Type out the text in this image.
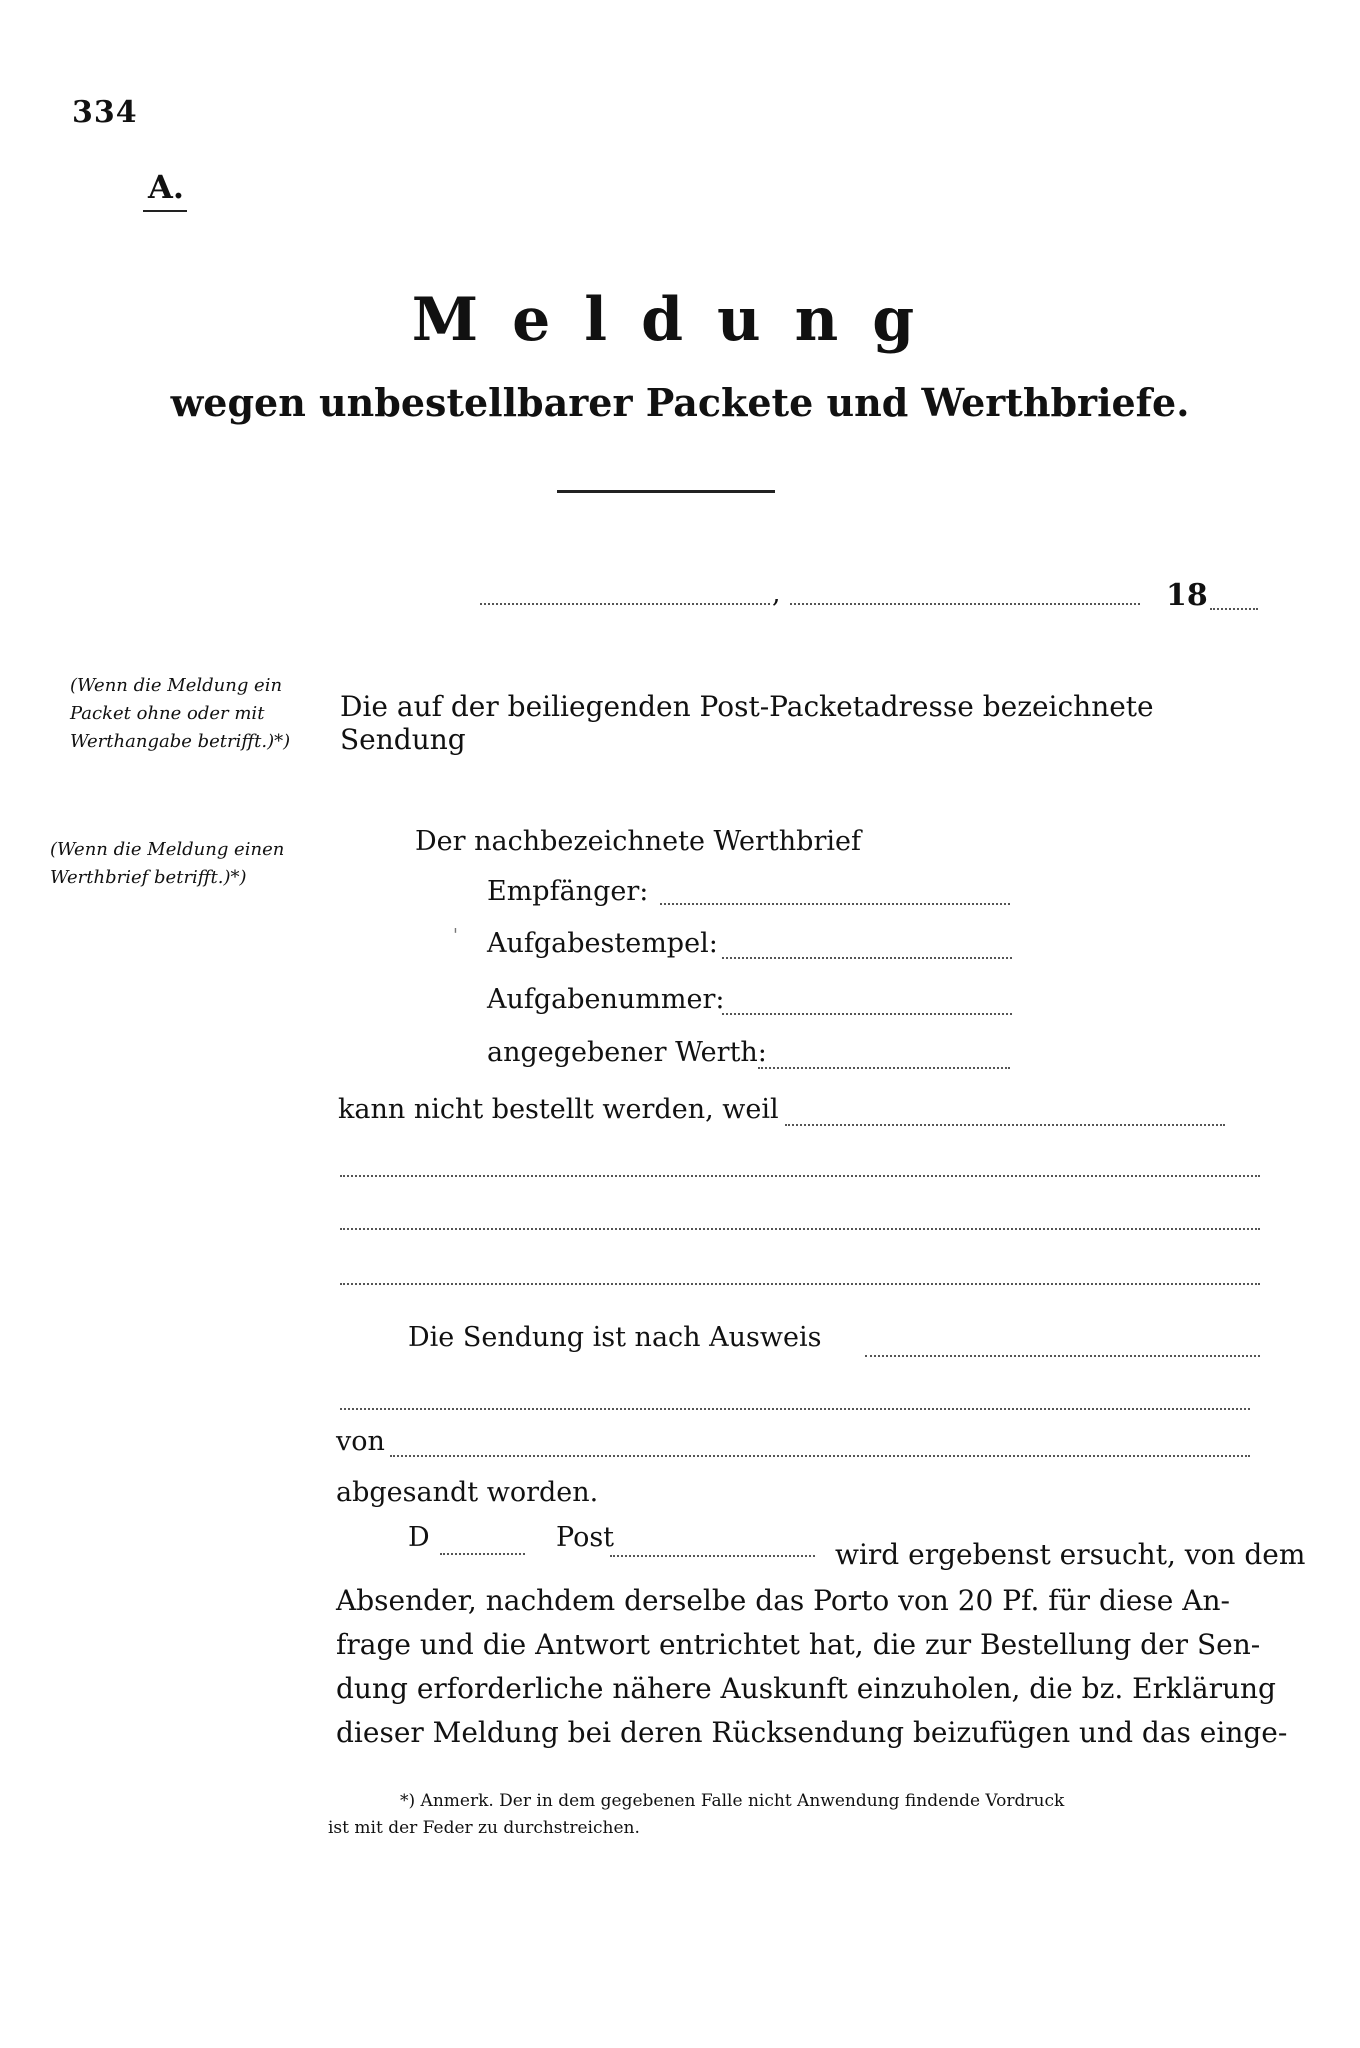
334
A.
Meldung
wegen unbestellbarer Packete und Werthbriefe.
,	18
(Wenn die Meldung ein Packet ohne oder mit Werthangabe betrifft.)*)
(Wenn die Meldung einen Werthbrief betrifft.)*)
Die auf der beiliegenden Post-Packetadresse bezeichnete Sendung
Der nachbezeichnete Werthbrief
Empfänger:
' Aufgabestempel:
Aufgabenummer:
angegebener Werth:
kann nicht bestellt werden, weil
Die Sendung ist nach Ausweis
von
abgesandt worden.
D	Post
wird ergebenst ersucht, von dem
Absender, nachdem derselbe das Porto von 20 Pf. für diese An-
frage und die Antwort entrichtet hat, die zur Bestellung der Sen-
dung erforderliche nähere Auskunft einzuholen, die bz. Erklärung
dieser Meldung bei deren Rücksendung beizufügen und das einge-
*) Anmerk. Der in dem gegebenen Falle nicht Anwendung findende Vordruck
ist mit der Feder zu durchstreichen.
